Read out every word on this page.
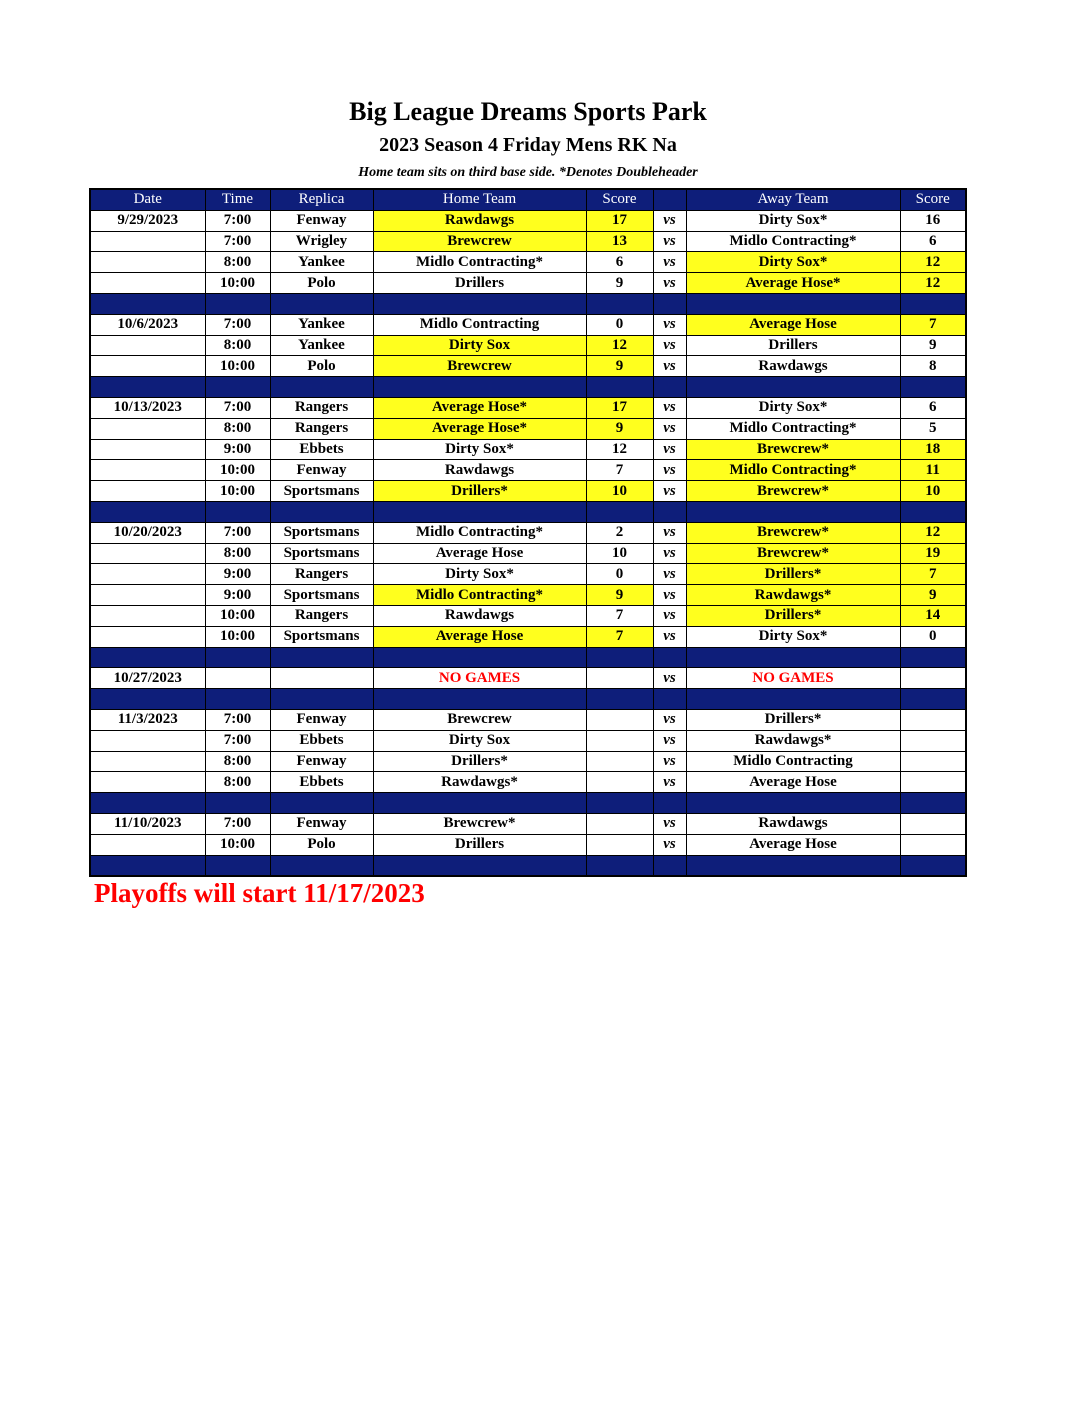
Big League Dreams Sports Park
2023 Season 4 Friday Mens RK Na
Home team sits on third base side. *Denotes Doubleheader
Date	Time	Replica	Home Team	Score		Away Team	Score
9/29/2023	7:00	Fenway	Rawdawgs	17	vs	Dirty Sox*	16
	7:00	Wrigley	Brewcrew	13	vs	Midlo Contracting*	6
	8:00	Yankee	Midlo Contracting*	6	vs	Dirty Sox*	12
	10:00	Polo	Drillers	9	vs	Average Hose*	12

10/6/2023	7:00	Yankee	Midlo Contracting	0	vs	Average Hose	7
	8:00	Yankee	Dirty Sox	12	vs	Drillers	9
	10:00	Polo	Brewcrew	9	vs	Rawdawgs	8

10/13/2023	7:00	Rangers	Average Hose*	17	vs	Dirty Sox*	6
	8:00	Rangers	Average Hose*	9	vs	Midlo Contracting*	5
	9:00	Ebbets	Dirty Sox*	12	vs	Brewcrew*	18
	10:00	Fenway	Rawdawgs	7	vs	Midlo Contracting*	11
	10:00	Sportsmans	Drillers*	10	vs	Brewcrew*	10

10/20/2023	7:00	Sportsmans	Midlo Contracting*	2	vs	Brewcrew*	12
	8:00	Sportsmans	Average Hose	10	vs	Brewcrew*	19
	9:00	Rangers	Dirty Sox*	0	vs	Drillers*	7
	9:00	Sportsmans	Midlo Contracting*	9	vs	Rawdawgs*	9
	10:00	Rangers	Rawdawgs	7	vs	Drillers*	14
	10:00	Sportsmans	Average Hose	7	vs	Dirty Sox*	0

10/27/2023			NO GAMES		vs	NO GAMES	

11/3/2023	7:00	Fenway	Brewcrew		vs	Drillers*	
	7:00	Ebbets	Dirty Sox		vs	Rawdawgs*	
	8:00	Fenway	Drillers*		vs	Midlo Contracting	
	8:00	Ebbets	Rawdawgs*		vs	Average Hose	

11/10/2023	7:00	Fenway	Brewcrew*		vs	Rawdawgs	
	10:00	Polo	Drillers		vs	Average Hose	

Playoffs will start 11/17/2023
